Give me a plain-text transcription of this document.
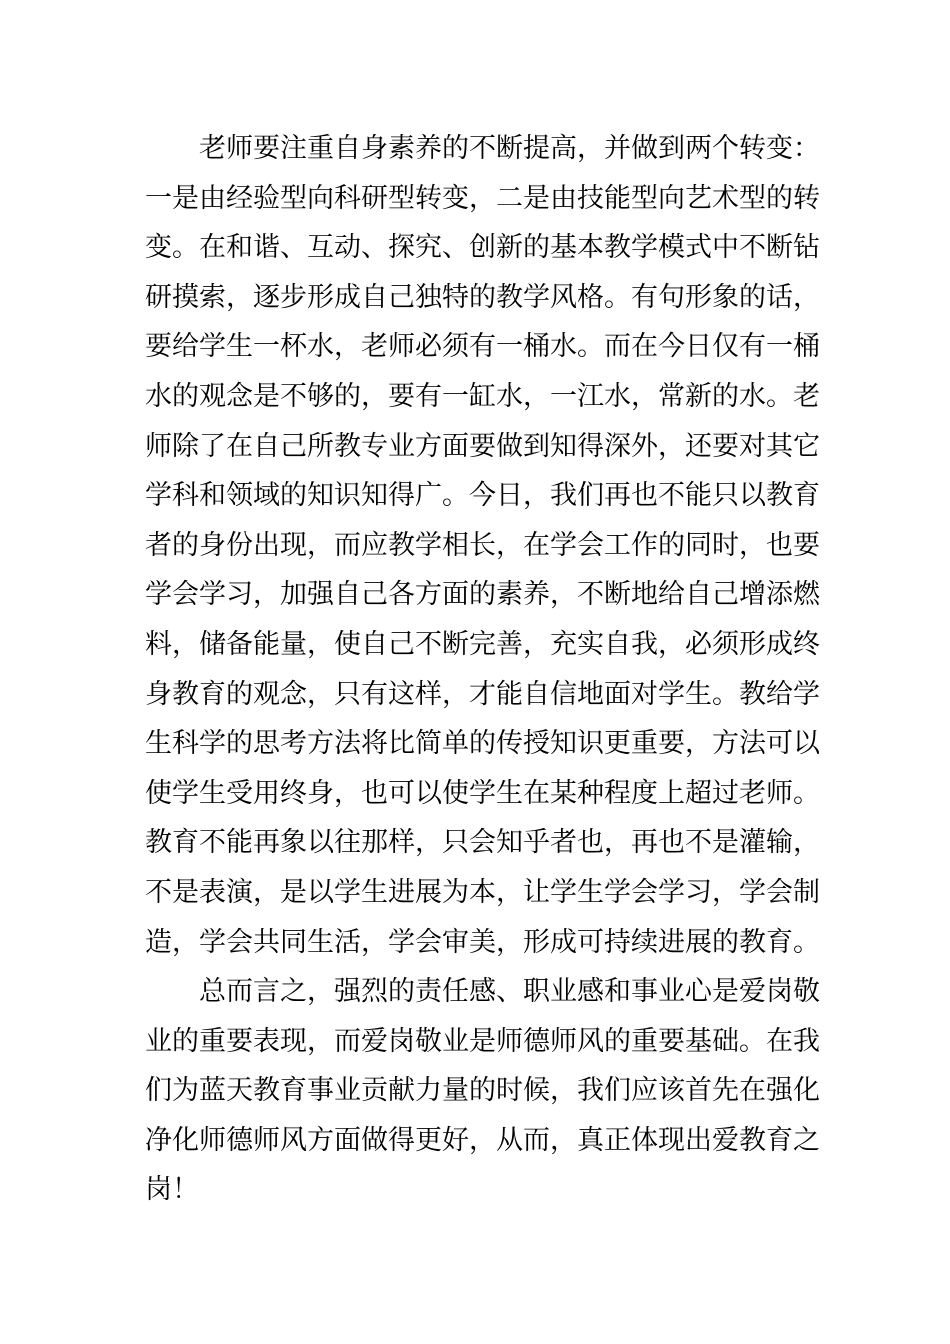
老师要注重自身素养的不断提高，并做到两个转变：
一是由经验型向科研型转变，二是由技能型向艺术型的转
变。在和谐、互动、探究、创新的基本教学模式中不断钻
研摸索，逐步形成自己独特的教学风格。有句形象的话，
要给学生一杯水，老师必须有一桶水。而在今日仅有一桶
水的观念是不够的，要有一缸水，一江水，常新的水。老
师除了在自己所教专业方面要做到知得深外，还要对其它
学科和领域的知识知得广。今日，我们再也不能只以教育
者的身份出现，而应教学相长，在学会工作的同时，也要
学会学习，加强自己各方面的素养，不断地给自己增添燃
料，储备能量，使自己不断完善，充实自我，必须形成终
身教育的观念，只有这样，才能自信地面对学生。教给学
生科学的思考方法将比简单的传授知识更重要，方法可以
使学生受用终身，也可以使学生在某种程度上超过老师。
教育不能再象以往那样，只会知乎者也，再也不是灌输，
不是表演，是以学生进展为本，让学生学会学习，学会制
造，学会共同生活，学会审美，形成可持续进展的教育。
总而言之，强烈的责任感、职业感和事业心是爱岗敬
业的重要表现，而爱岗敬业是师德师风的重要基础。在我
们为蓝天教育事业贡献力量的时候，我们应该首先在强化
净化师德师风方面做得更好，从而，真正体现出爱教育之
岗！
